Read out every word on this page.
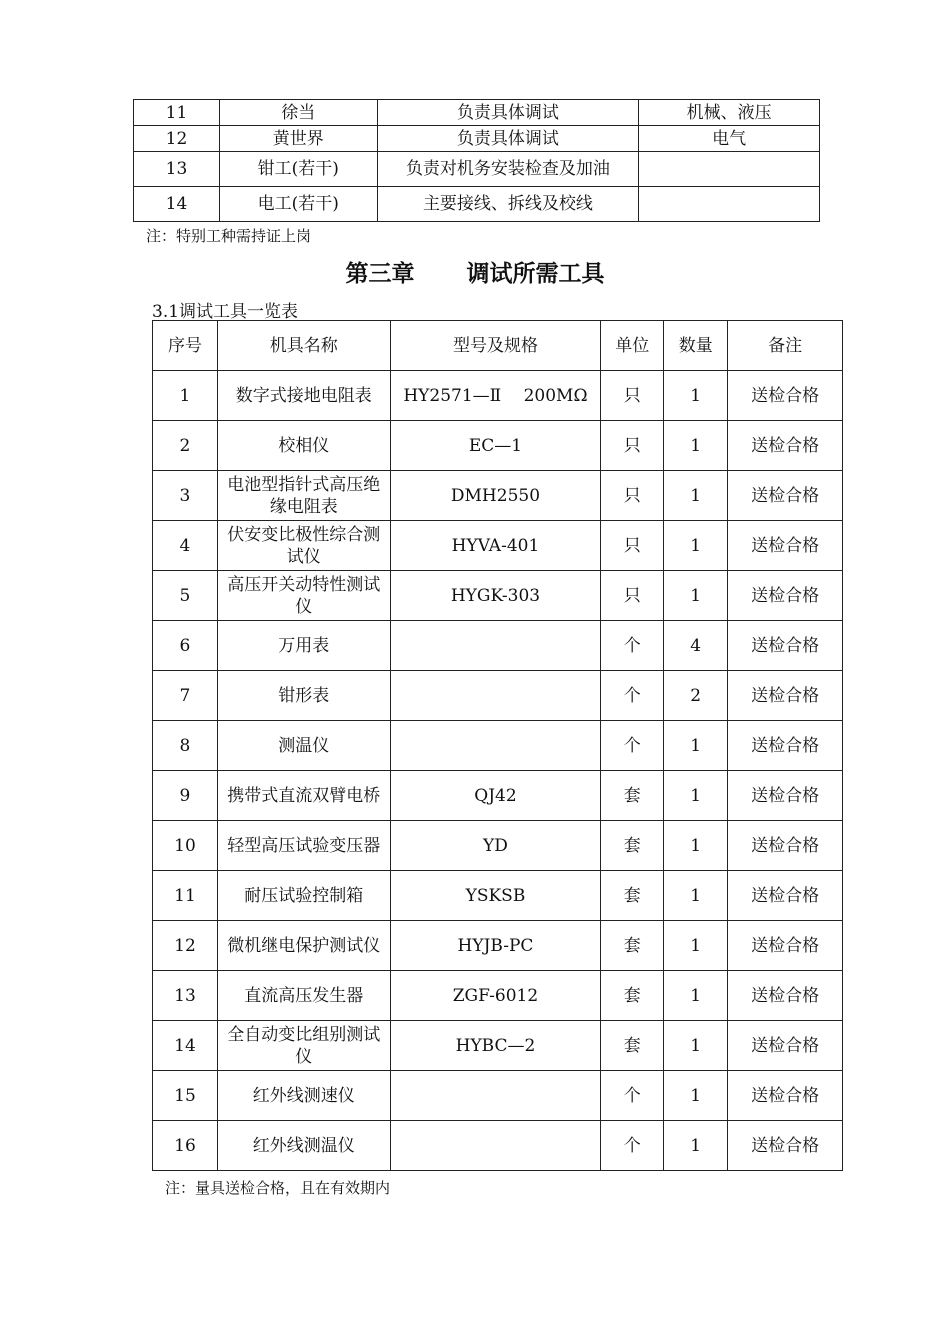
11	徐当	负责具体调试	机械、液压
12	黄世界	负责具体调试	电气
13	钳工(若干)	负责对机务安装检查及加油	
14	电工(若干)	主要接线、拆线及校线	
注：特别工种需持证上岗
第三章 调试所需工具
3.1调试工具一览表
序号	机具名称	型号及规格	单位	数量	备注
1	数字式接地电阻表	HY2571—Ⅱ　 200MΩ	只	1	送检合格
2	校相仪	EC—1	只	1	送检合格
3	电池型指针式高压绝缘电阻表	DMH2550	只	1	送检合格
4	伏安变比极性综合测试仪	HYVA-401	只	1	送检合格
5	高压开关动特性测试仪	HYGK-303	只	1	送检合格
6	万用表		个	4	送检合格
7	钳形表		个	2	送检合格
8	测温仪		个	1	送检合格
9	携带式直流双臂电桥	QJ42	套	1	送检合格
10	轻型高压试验变压器	YD	套	1	送检合格
11	耐压试验控制箱	YSKSB	套	1	送检合格
12	微机继电保护测试仪	HYJB-PC	套	1	送检合格
13	直流高压发生器	ZGF-6012	套	1	送检合格
14	全自动变比组别测试仪	HYBC—2	套	1	送检合格
15	红外线测速仪		个	1	送检合格
16	红外线测温仪		个	1	送检合格
注：量具送检合格，且在有效期内
